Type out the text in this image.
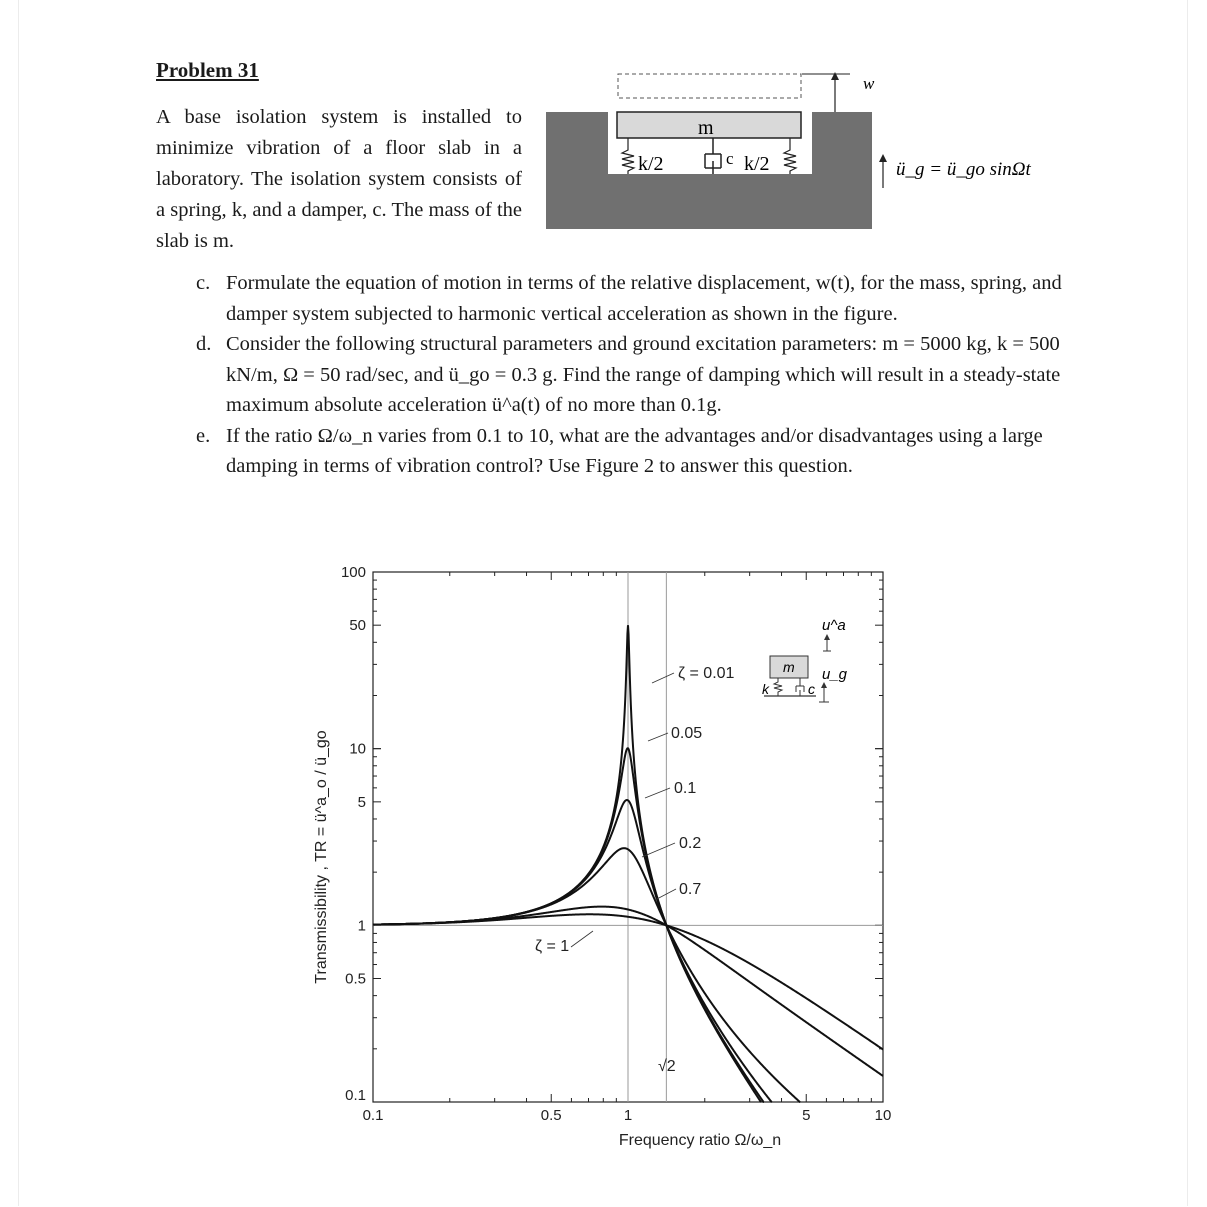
Problem 31

A base isolation system is installed to minimize vibration of a floor slab in a laboratory. The isolation system consists of a spring, k, and a damper, c. The mass of the slab is m.

w
m
k/2	c k/2	ü_g = ü_go sinΩt
c. Formulate the equation of motion in terms of the relative displacement, w(t), for the mass, spring, and damper system subjected to harmonic vertical acceleration as shown in the figure.
d. Consider the following structural parameters and ground excitation parameters: m = 5000 kg, k = 500 kN/m, Ω = 50 rad/sec, and ü_go = 0.3 g. Find the range of damping which will result in a steady-state maximum absolute acceleration ü^a(t) of no more than 0.1g.
e. If the ratio Ω/ω_n varies from 0.1 to 10, what are the advantages and/or disadvantages using a large damping in terms of vibration control? Use Figure 2 to answer this question.
0.1	0.5	1	5	10
0.1
0.5
1
5
10
50
100
Frequency ratio Ω/ω_n
Transmissibility , TR = ü^a_o / ü_go
ζ = 0.01
0.05
0.1
0.2
0.7
ζ = 1
√2
m
k	c
u^a
u_g
